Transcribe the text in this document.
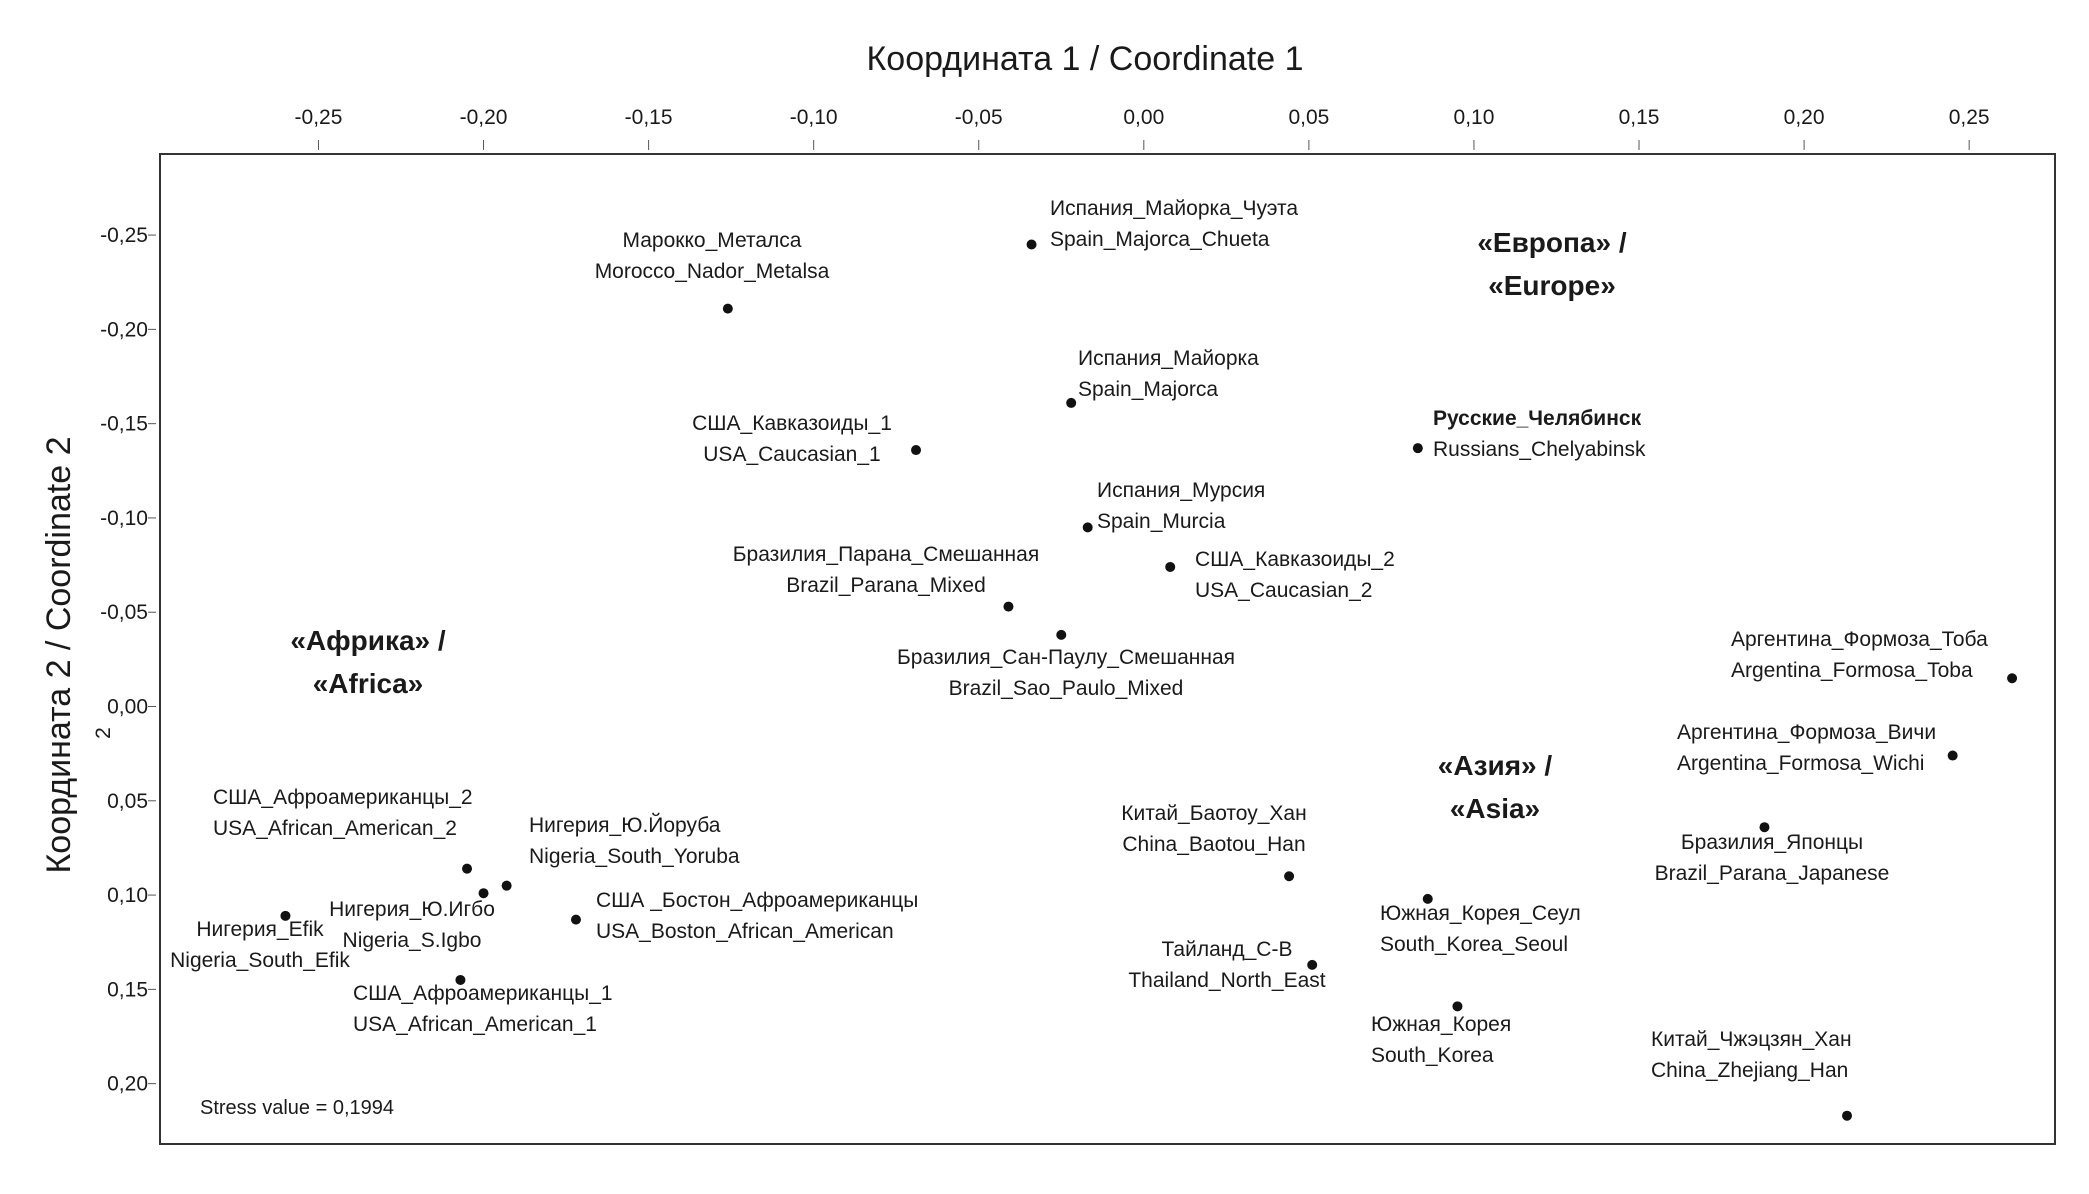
-0,25	-0,20	-0,15	-0,10	-0,05	0,00	0,05	0,10	0,15	0,20	0,25
-0,25
-0,20
-0,15
-0,10
-0,05
0,00
0,05
0,10
0,15
0,20
Испания_Майорка_Чуэта
Spain_Majorca_Chueta
Марокко_Металса
Morocco_Nador_Metalsa
Испания_Майорка
Spain_Majorca
США_Кавказоиды_1
USA_Caucasian_1
Русские_Челябинск
Russians_Chelyabinsk
Испания_Мурсия
Spain_Murcia
США_Кавказоиды_2
USA_Caucasian_2
Бразилия_Парана_Смешанная
Brazil_Parana_Mixed
Бразилия_Сан-Паулу_Смешанная
Brazil_Sao_Paulo_Mixed
Аргентина_Формоза_Тоба
Argentina_Formosa_Toba
Аргентина_Формоза_Вичи
Argentina_Formosa_Wichi
Бразилия_Японцы
Brazil_Parana_Japanese
Китай_Баотоу_Хан
China_Baotou_Han
Южная_Корея_Сеул
South_Korea_Seoul
Тайланд_С-В
Thailand_North_East
Южная_Корея
South_Korea
Китай_Чжэцзян_Хан
China_Zhejiang_Han
США_Афроамериканцы_2
USA_African_American_2	Нигерия_Ю.Йоруба
Nigeria_South_Yoruba
Нигерия_Ю.Игбо
Nigeria_S.Igbo
Нигерия_Efik
Nigeria_South_Efik
США _Бостон_Афроамериканцы
USA_Boston_African_American
США_Афроамериканцы_1
USA_African_American_1
«Европа» /
«Europe»
«Африка» /
«Africa»
«Азия» /
«Asia»
Координата 1 / Coordinate 1
Координата 2 / Coordinate 2 2
Stress value = 0,1994
